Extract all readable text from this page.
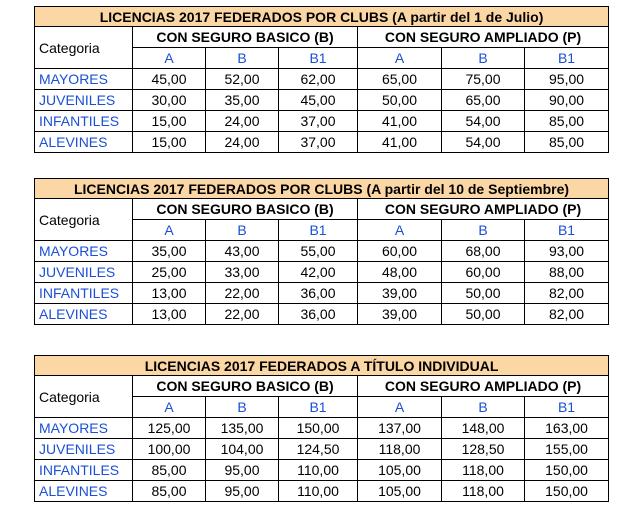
LICENCIAS 2017 FEDERADOS POR CLUBS (A partir del 1 de Julio)						
Categoria	CON SEGURO BASICO (B)			CON SEGURO AMPLIADO (P)		
	A	B	B1	A	B	B1
MAYORES	45,00	52,00	62,00	65,00	75,00	95,00
JUVENILES	30,00	35,00	45,00	50,00	65,00	90,00
INFANTILES	15,00	24,00	37,00	41,00	54,00	85,00
ALEVINES	15,00	24,00	37,00	41,00	54,00	85,00
LICENCIAS 2017 FEDERADOS POR CLUBS (A partir del 10 de Septiembre)						
Categoria	CON SEGURO BASICO (B)			CON SEGURO AMPLIADO (P)		
	A	B	B1	A	B	B1
MAYORES	35,00	43,00	55,00	60,00	68,00	93,00
JUVENILES	25,00	33,00	42,00	48,00	60,00	88,00
INFANTILES	13,00	22,00	36,00	39,00	50,00	82,00
ALEVINES	13,00	22,00	36,00	39,00	50,00	82,00
LICENCIAS 2017 FEDERADOS A TÍTULO INDIVIDUAL						
Categoria	CON SEGURO BASICO (B)			CON SEGURO AMPLIADO (P)		
	A	B	B1	A	B	B1
MAYORES	125,00	135,00	150,00	137,00	148,00	163,00
JUVENILES	100,00	104,00	124,50	118,00	128,50	155,00
INFANTILES	85,00	95,00	110,00	105,00	118,00	150,00
ALEVINES	85,00	95,00	110,00	105,00	118,00	150,00
